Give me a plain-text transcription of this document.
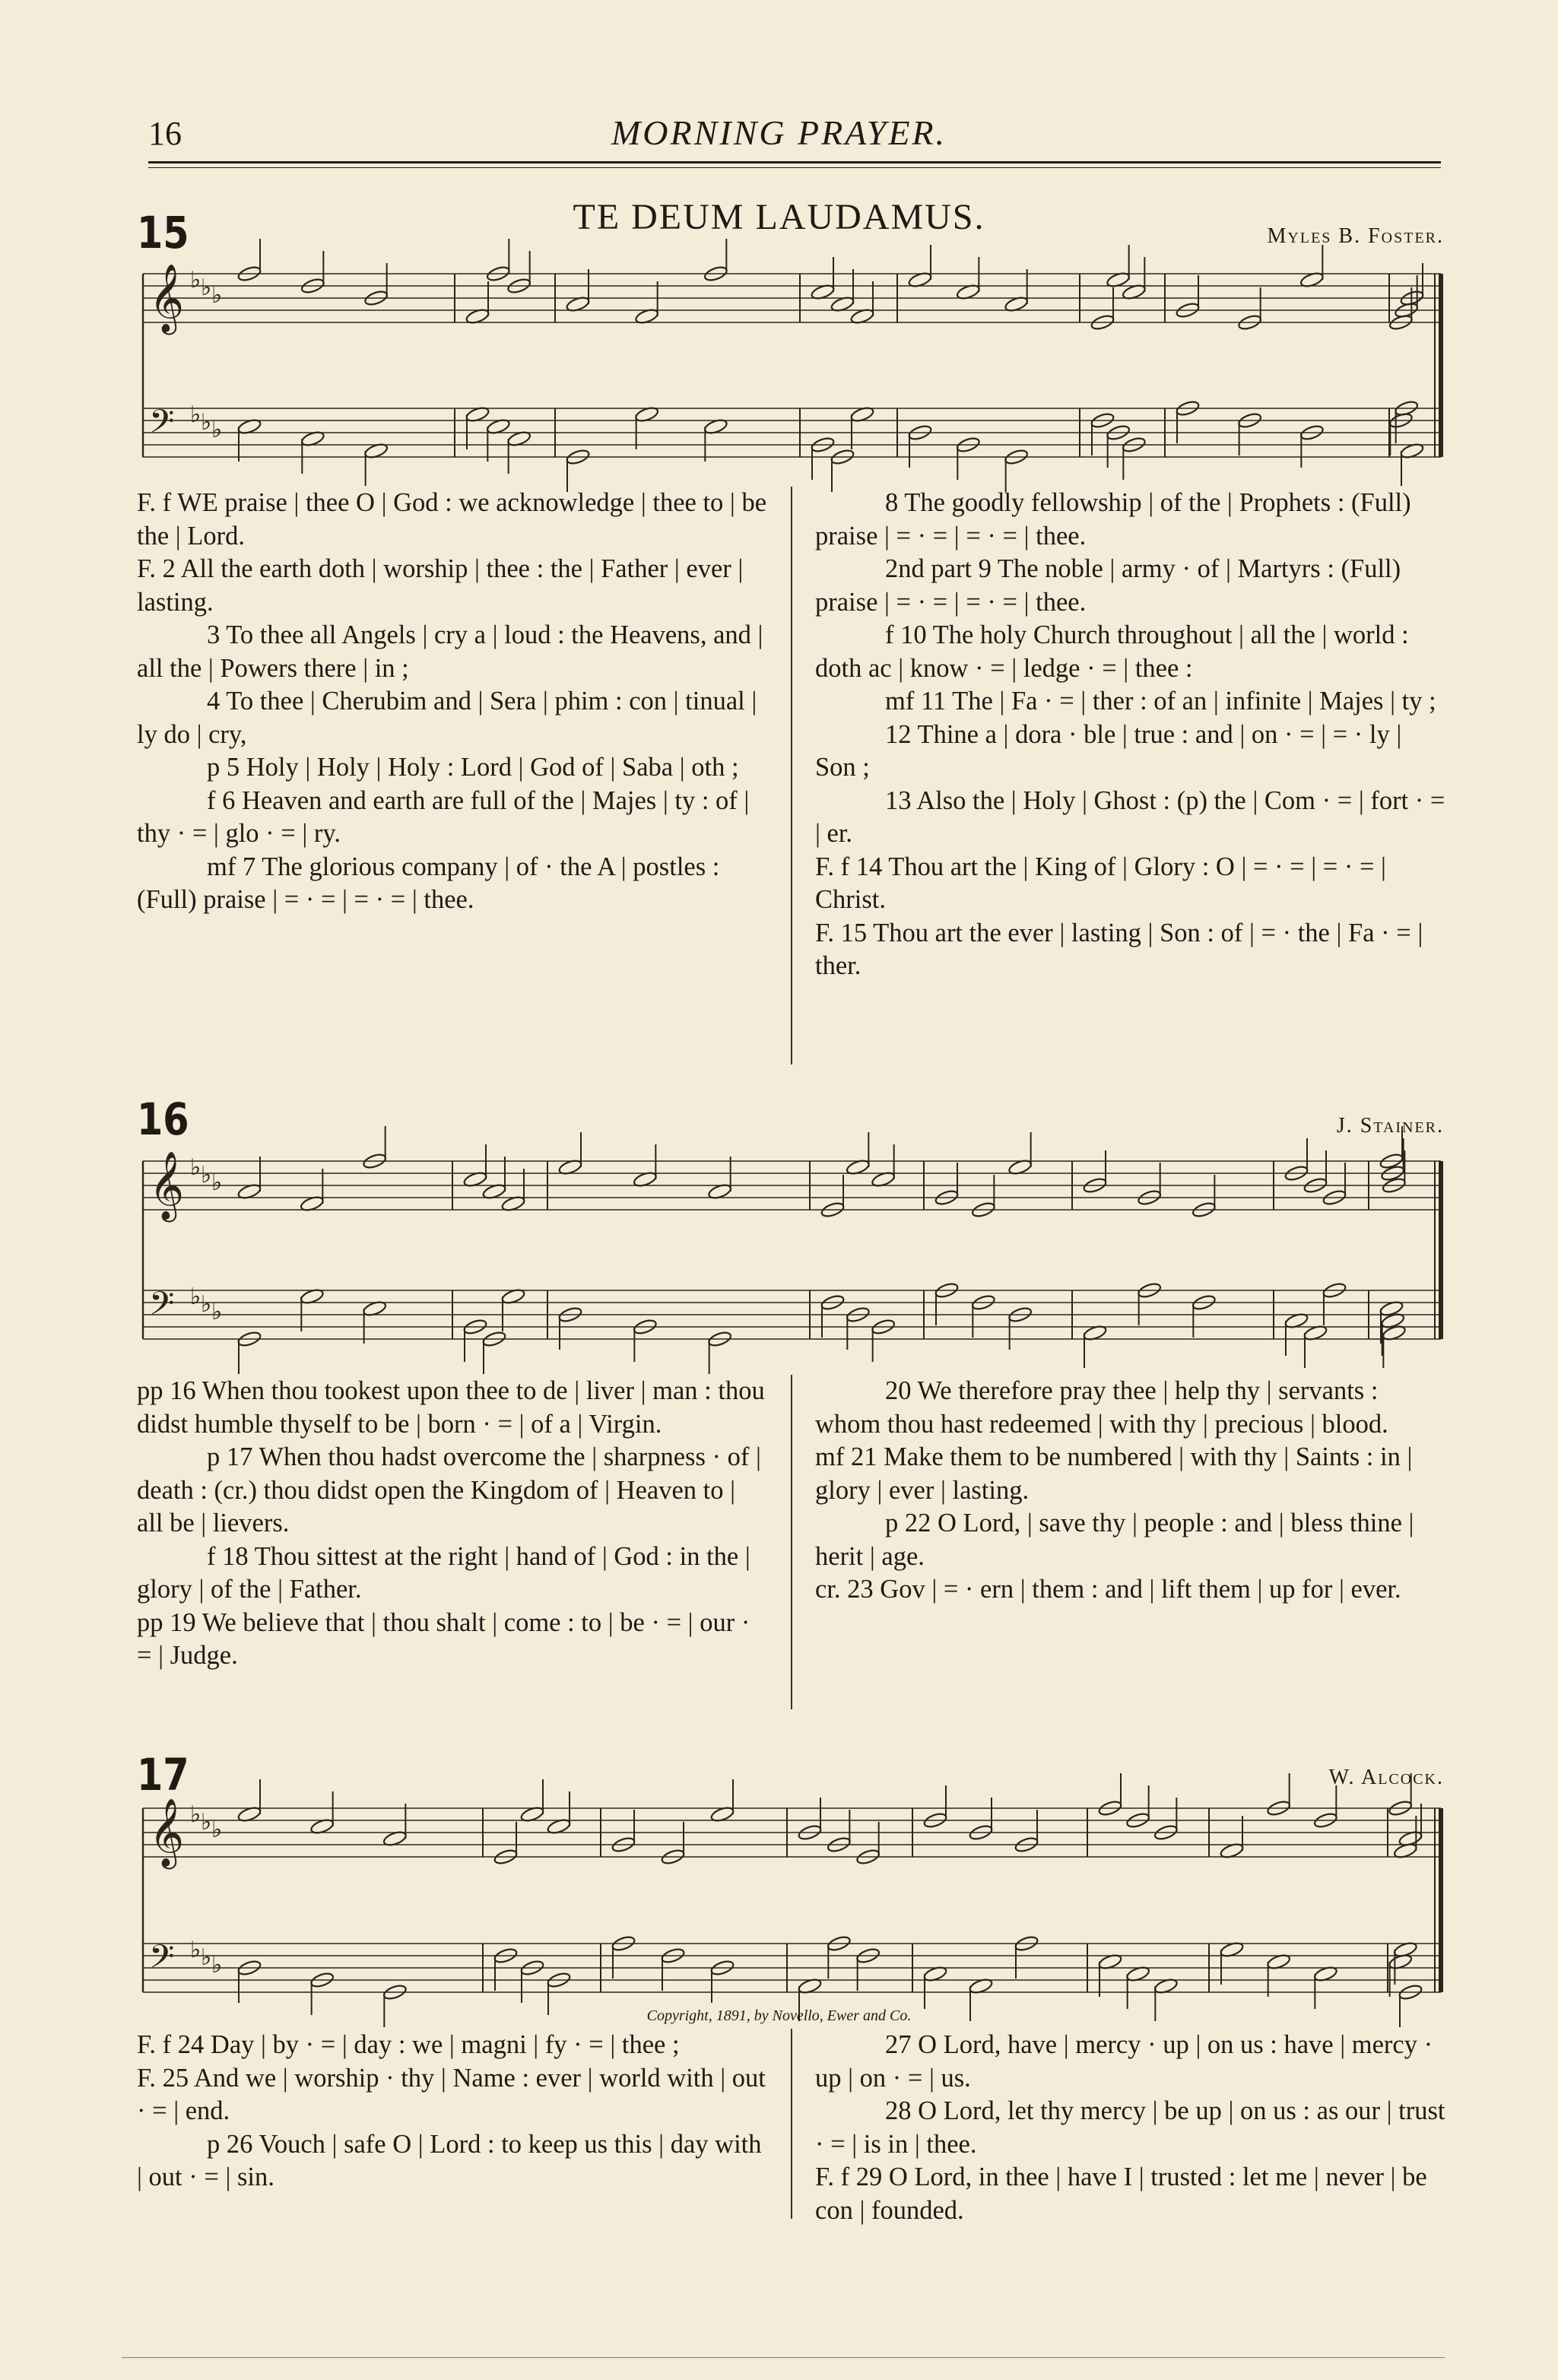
16	MORNING PRAYER.
15	TE DEUM LAUDAMUS.	Myles B. Foster.
𝄞 ♭ ♭ ♭
𝄢 ♭ ♭ ♭
𝄞 ♭ ♭ ♭
𝄢 ♭ ♭ ♭
𝄞 ♭ ♭ ♭
𝄢 ♭ ♭ ♭

F. f WE praise | thee O | God : we acknowledge | thee to | be the | Lord.

F. 2 All the earth doth | worship | thee : the | Father | ever | lasting.

3 To thee all Angels | cry a | loud : the Heavens, and | all the | Powers there | in ;

4 To thee | Cherubim and | Sera | phim : con | tinual | ly do | cry,

p 5 Holy | Holy | Holy : Lord | God of | Saba | oth ;

f 6 Heaven and earth are full of the | Majes | ty : of | thy · = | glo · = | ry.

mf 7 The glorious company | of · the A | postles : (Full) praise | = · = | = · = | thee.

8 The goodly fellowship | of the | Prophets : (Full) praise | = · = | = · = | thee.

2nd part 9 The noble | army · of | Martyrs : (Full) praise | = · = | = · = | thee.

f 10 The holy Church throughout | all the | world : doth ac | know · = | ledge · = | thee :

mf 11 The | Fa · = | ther : of an | infinite | Majes | ty ;

12 Thine a | dora · ble | true : and | on · = | = · ly | Son ;

13 Also the | Holy | Ghost : (p) the | Com · = | fort · = | er.

F. f 14 Thou art the | King of | Glory : O | = · = | = · = | Christ.

F. 15 Thou art the ever | lasting | Son : of | = · the | Fa · = | ther.

16	J. Stainer.

pp 16 When thou tookest upon thee to de | liver | man : thou didst humble thyself to be | born · = | of a | Virgin.

p 17 When thou hadst overcome the | sharpness · of | death : (cr.) thou didst open the Kingdom of | Heaven to | all be | lievers.

f 18 Thou sittest at the right | hand of | God : in the | glory | of the | Father.

pp 19 We believe that | thou shalt | come : to | be · = | our · = | Judge.

20 We therefore pray thee | help thy | servants : whom thou hast redeemed | with thy | precious | blood.

mf 21 Make them to be numbered | with thy | Saints : in | glory | ever | lasting.

p 22 O Lord, | save thy | people : and | bless thine | herit | age.

cr. 23 Gov | = · ern | them : and | lift them | up for | ever.

17	W. Alcock.
Copyright, 1891, by Novello, Ewer and Co.

F. f 24 Day | by · = | day : we | magni | fy · = | thee ;

F. 25 And we | worship · thy | Name : ever | world with | out · = | end.

p 26 Vouch | safe O | Lord : to keep us this | day with | out · = | sin.

27 O Lord, have | mercy · up | on us : have | mercy · up | on · = | us.

28 O Lord, let thy mercy | be up | on us : as our | trust · = | is in | thee.

F. f 29 O Lord, in thee | have I | trusted : let me | never | be con | founded.
